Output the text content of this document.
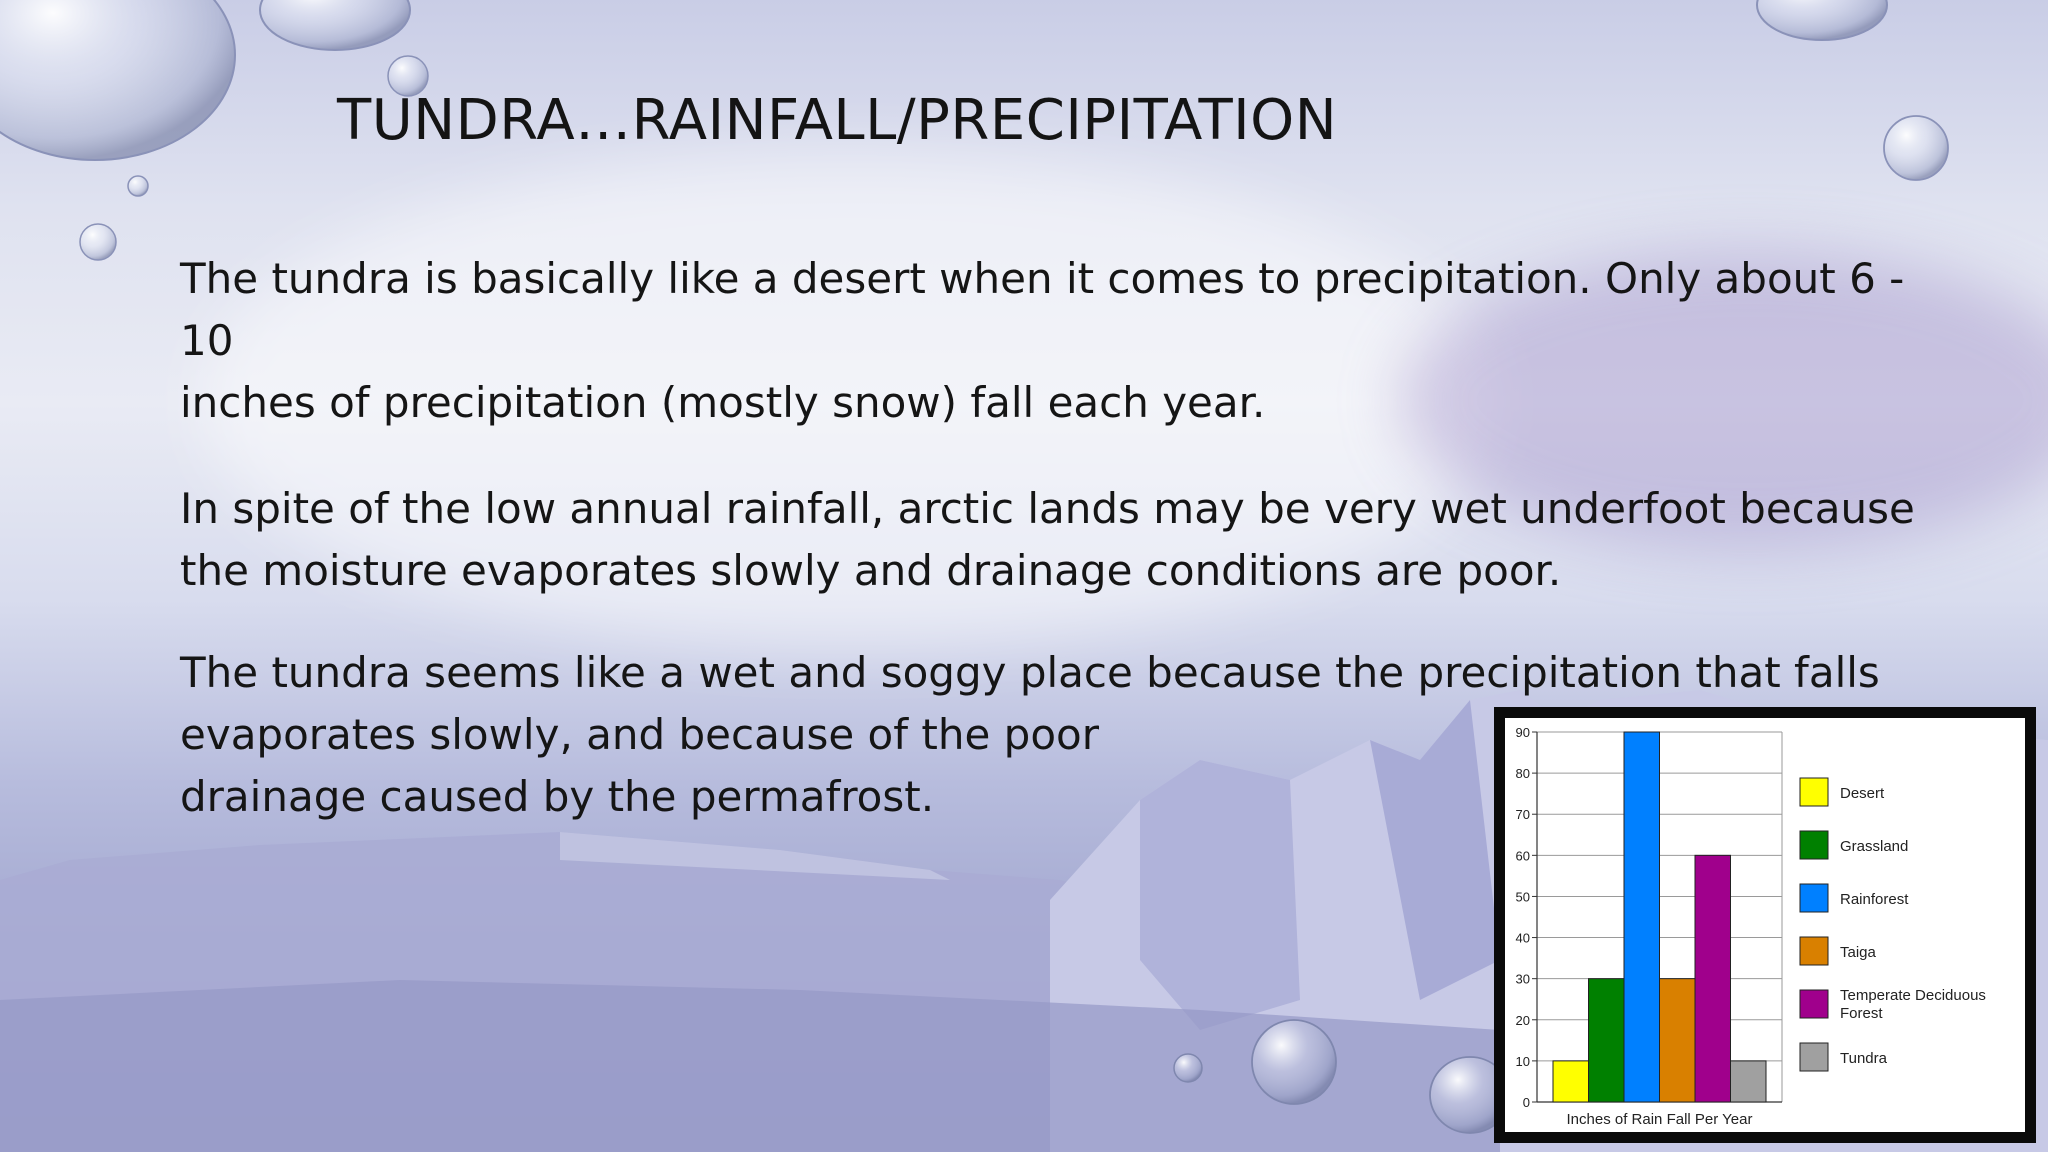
TUNDRA…RAINFALL/PRECIPITATION

The tundra is basically like a desert when it comes to precipitation. Only about 6 - 10
inches of precipitation (mostly snow) fall each year.

In spite of the low annual rainfall, arctic lands may be very wet underfoot because
the moisture evaporates slowly and drainage conditions are poor.

The tundra seems like a wet and soggy place because the precipitation that falls
evaporates slowly, and because of the poor
drainage caused by the permafrost.

0
10
20
30
40
50
60
70
80
90
Inches of Rain Fall Per Year
Desert
Grassland
Rainforest
Taiga
Temperate Deciduous
Forest
Tundra
